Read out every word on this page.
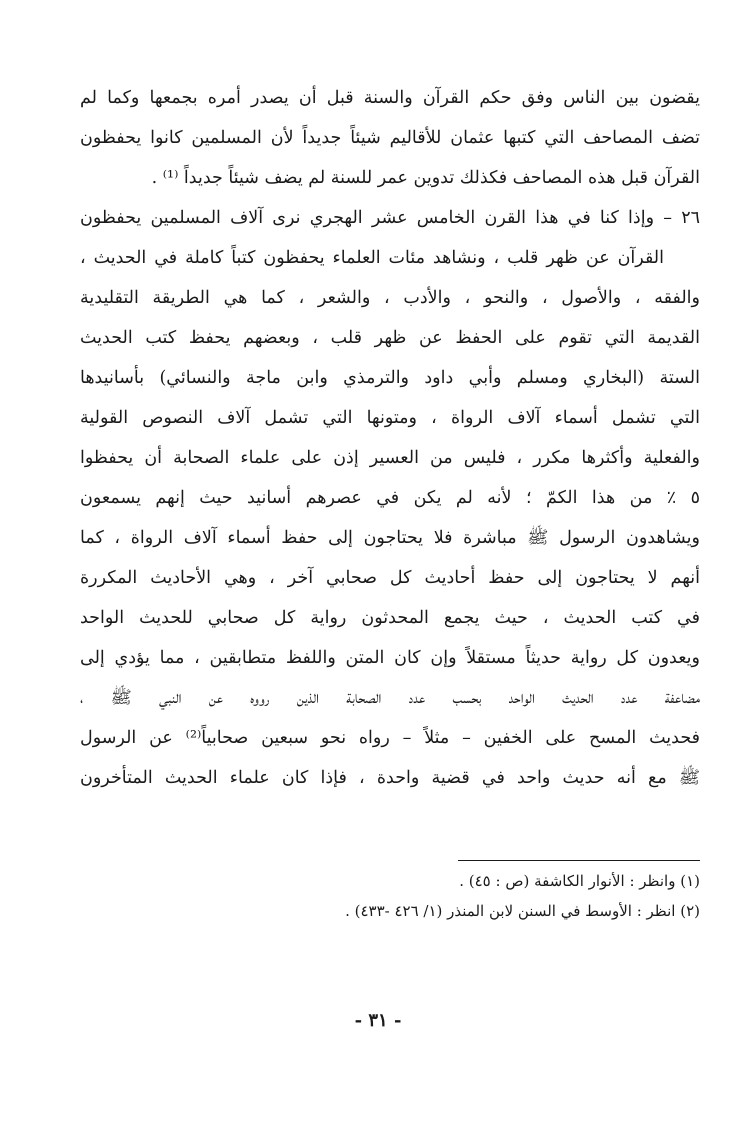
يقضون بين الناس وفق حكم القرآن والسنة قبل أن يصدر أمره بجمعها وكما لم
تضف المصاحف التي كتبها عثمان للأقاليم شيئاً جديداً لأن المسلمين كانوا يحفظون
القرآن قبل هذه المصاحف فكذلك تدوين عمر للسنة لم يضف شيئاً جديداً ⁽¹⁾ .
٢٦ – وإذا كنا في هذا القرن الخامس عشر الهجري نرى آلاف المسلمين يحفظون
القرآن عن ظهر قلب ، ونشاهد مئات العلماء يحفظون كتباً كاملة في الحديث ،
والفقه ، والأصول ، والنحو ، والأدب ، والشعر ، كما هي الطريقة التقليدية
القديمة التي تقوم على الحفظ عن ظهر قلب ، وبعضهم يحفظ كتب الحديث
الستة (البخاري ومسلم وأبي داود والترمذي وابن ماجة والنسائي) بأسانيدها
التي تشمل أسماء آلاف الرواة ، ومتونها التي تشمل آلاف النصوص القولية
والفعلية وأكثرها مكرر ، فليس من العسير إذن على علماء الصحابة أن يحفظوا
٥ ٪ من هذا الكمّ ؛ لأنه لم يكن في عصرهم أسانيد حيث إنهم يسمعون
ويشاهدون الرسول ﷺ مباشرة فلا يحتاجون إلى حفظ أسماء آلاف الرواة ، كما
أنهم لا يحتاجون إلى حفظ أحاديث كل صحابي آخر ، وهي الأحاديث المكررة
في كتب الحديث ، حيث يجمع المحدثون رواية كل صحابي للحديث الواحد
ويعدون كل رواية حديثاً مستقلاً وإن كان المتن واللفظ متطابقين ، مما يؤدي إلى
مضاعفة عدد الحديث الواحد بحسب عدد الصحابة الذين رووه عن النبي ﷺ ،
فحديث المسح على الخفين – مثلاً – رواه نحو سبعين صحابياً⁽²⁾ عن الرسول
ﷺ مع أنه حديث واحد في قضية واحدة ، فإذا كان علماء الحديث المتأخرون
(١) وانظر : الأنوار الكاشفة (ص : ٤٥) .
(٢) انظر : الأوسط في السنن لابن المنذر (١/ ٤٢٦ -٤٣٣) .
- ٣١ -
